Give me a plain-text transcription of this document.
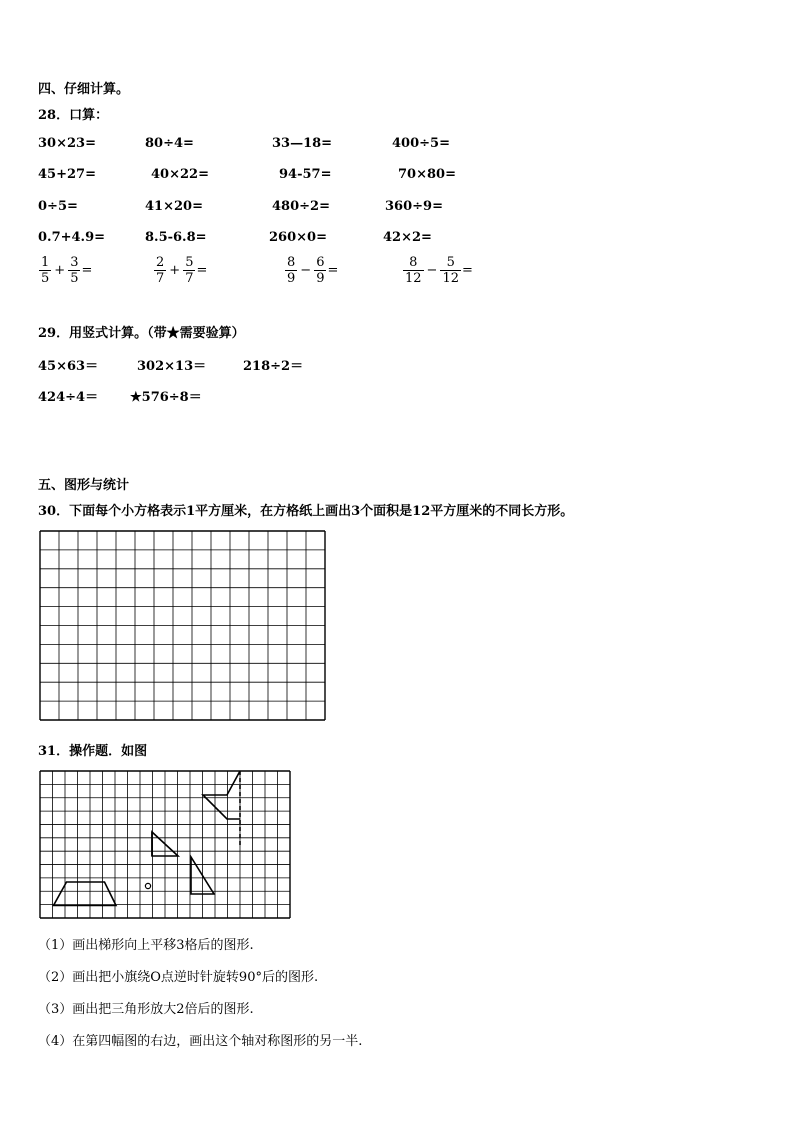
四、仔细计算。
28．口算：
30×23=	80÷4=	33—18=	400÷5=
45+27=	40×22=	94-57=	70×80=
0÷5=	41×20=	480÷2=	360÷9=
0.7+4.9=	8.5-6.8=	260×0=	42×2=
$\frac{1}{5} + \frac{3}{5}$ =	$\frac{2}{7} + \frac{5}{7}$ =	$\frac{8}{9} - \frac{6}{9}$ =	$\frac{8}{12} - \frac{5}{12}$ =
29．用竖式计算。（带★需要验算）
45×63＝	302×13＝	218÷2＝
424÷4＝ ★576÷8＝
五、图形与统计
30．下面每个小方格表示1平方厘米，在方格纸上画出3个面积是12平方厘米的不同长方形。
31．操作题．如图
（1）画出梯形向上平移3格后的图形.
（2）画出把小旗绕O点逆时针旋转90°后的图形.
（3）画出把三角形放大2倍后的图形.
（4）在第四幅图的右边，画出这个轴对称图形的另一半.
